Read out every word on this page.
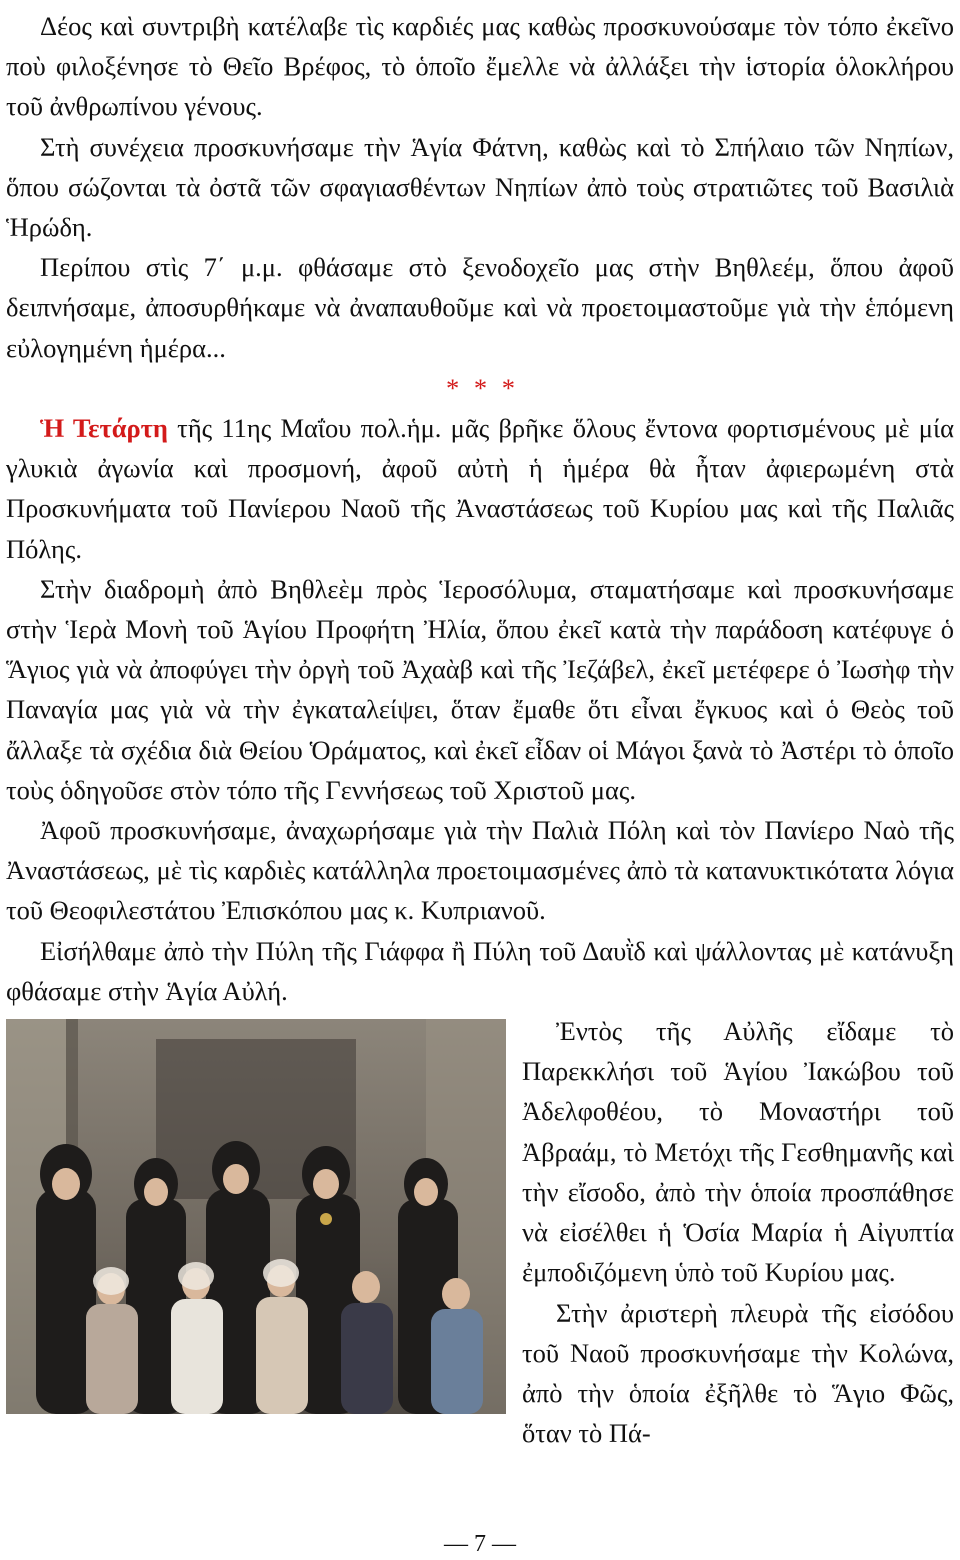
Δέος καὶ συντριβὴ κατέλαβε τὶς καρδιές μας καθὼς προσκυνούσαμε τὸν τόπο ἐκεῖνο ποὺ φιλοξένησε τὸ Θεῖο Βρέφος, τὸ ὁποῖο ἔμελλε νὰ ἀλλάξει τὴν ἱστορία ὁλοκλήρου τοῦ ἀνθρωπίνου γένους.

Στὴ συνέχεια προσκυνήσαμε τὴν Ἁγία Φάτνη, καθὼς καὶ τὸ Σπήλαιο τῶν Νηπίων, ὅπου σώζονται τὰ ὀστᾶ τῶν σφαγιασθέντων Νηπίων ἀπὸ τοὺς στρατιῶτες τοῦ Βασιλιὰ Ἡρώδη.

Περίπου στὶς 7΄ μ.μ. φθάσαμε στὸ ξενοδοχεῖο μας στὴν Βηθλεέμ, ὅπου ἀφοῦ δειπνήσαμε, ἀποσυρθήκαμε νὰ ἀναπαυθοῦμε καὶ νὰ προετοιμαστοῦμε γιὰ τὴν ἑπόμενη εὐλογημένη ἡμέρα...

* * *

Ἡ Τετάρτη τῆς 11ης Μαΐου πολ.ἡμ. μᾶς βρῆκε ὅλους ἔντονα φορτισμένους μὲ μία γλυκιὰ ἀγωνία καὶ προσμονή, ἀφοῦ αὐτὴ ἡ ἡμέρα θὰ ἦταν ἀφιερωμένη στὰ Προσκυνήματα τοῦ Πανίερου Ναοῦ τῆς Ἀναστάσεως τοῦ Κυρίου μας καὶ τῆς Παλιᾶς Πόλης.

Στὴν διαδρομὴ ἀπὸ Βηθλεὲμ πρὸς Ἱεροσόλυμα, σταματήσαμε καὶ προσκυνήσαμε στὴν Ἱερὰ Μονὴ τοῦ Ἁγίου Προφήτη Ἠλία, ὅπου ἐκεῖ κατὰ τὴν παράδοση κατέφυγε ὁ Ἅγιος γιὰ νὰ ἀποφύγει τὴν ὀργὴ τοῦ Ἀχαὰβ καὶ τῆς Ἰεζάβελ, ἐκεῖ μετέφερε ὁ Ἰωσὴφ τὴν Παναγία μας γιὰ νὰ τὴν ἐγκαταλείψει, ὅταν ἔμαθε ὅτι εἶναι ἔγκυος καὶ ὁ Θεὸς τοῦ ἄλλαξε τὰ σχέδια διὰ Θείου Ὁράματος, καὶ ἐκεῖ εἶδαν οἱ Μάγοι ξανὰ τὸ Ἀστέρι τὸ ὁποῖο τοὺς ὁδηγοῦσε στὸν τόπο τῆς Γεννήσεως τοῦ Χριστοῦ μας.

Ἀφοῦ προσκυνήσαμε, ἀναχωρήσαμε γιὰ τὴν Παλιὰ Πόλη καὶ τὸν Πανίερο Ναὸ τῆς Ἀναστάσεως, μὲ τὶς καρδιὲς κατάλληλα προετοιμασμένες ἀπὸ τὰ κατανυκτικότατα λόγια τοῦ Θεοφιλεστάτου Ἐπισκόπου μας κ. Κυπριανοῦ.

Εἰσήλθαμε ἀπὸ τὴν Πύλη τῆς Γιάφφα ἢ Πύλη τοῦ Δαυῒδ καὶ ψάλλοντας μὲ κατάνυξη φθάσαμε στὴν Ἁγία Αὐλή.

Ἐντὸς τῆς Αὐλῆς εἴδαμε τὸ Παρεκκλήσι τοῦ Ἁγίου Ἰακώβου τοῦ Ἀδελφοθέου, τὸ Μοναστήρι τοῦ Ἀβραάμ, τὸ Μετόχι τῆς Γεσθημανῆς καὶ τὴν εἴσοδο, ἀπὸ τὴν ὁποία προσπάθησε νὰ εἰσέλθει ἡ Ὁσία Μαρία ἡ Αἰγυπτία ἐμποδιζόμενη ὑπὸ τοῦ Κυρίου μας.

Στὴν ἀριστερὴ πλευρὰ τῆς εἰσόδου τοῦ Ναοῦ προσκυνήσαμε τὴν Κολώνα, ἀπὸ τὴν ὁποία ἐξῆλθε τὸ Ἅγιο Φῶς, ὅταν τὸ Πά-

— 7 —
